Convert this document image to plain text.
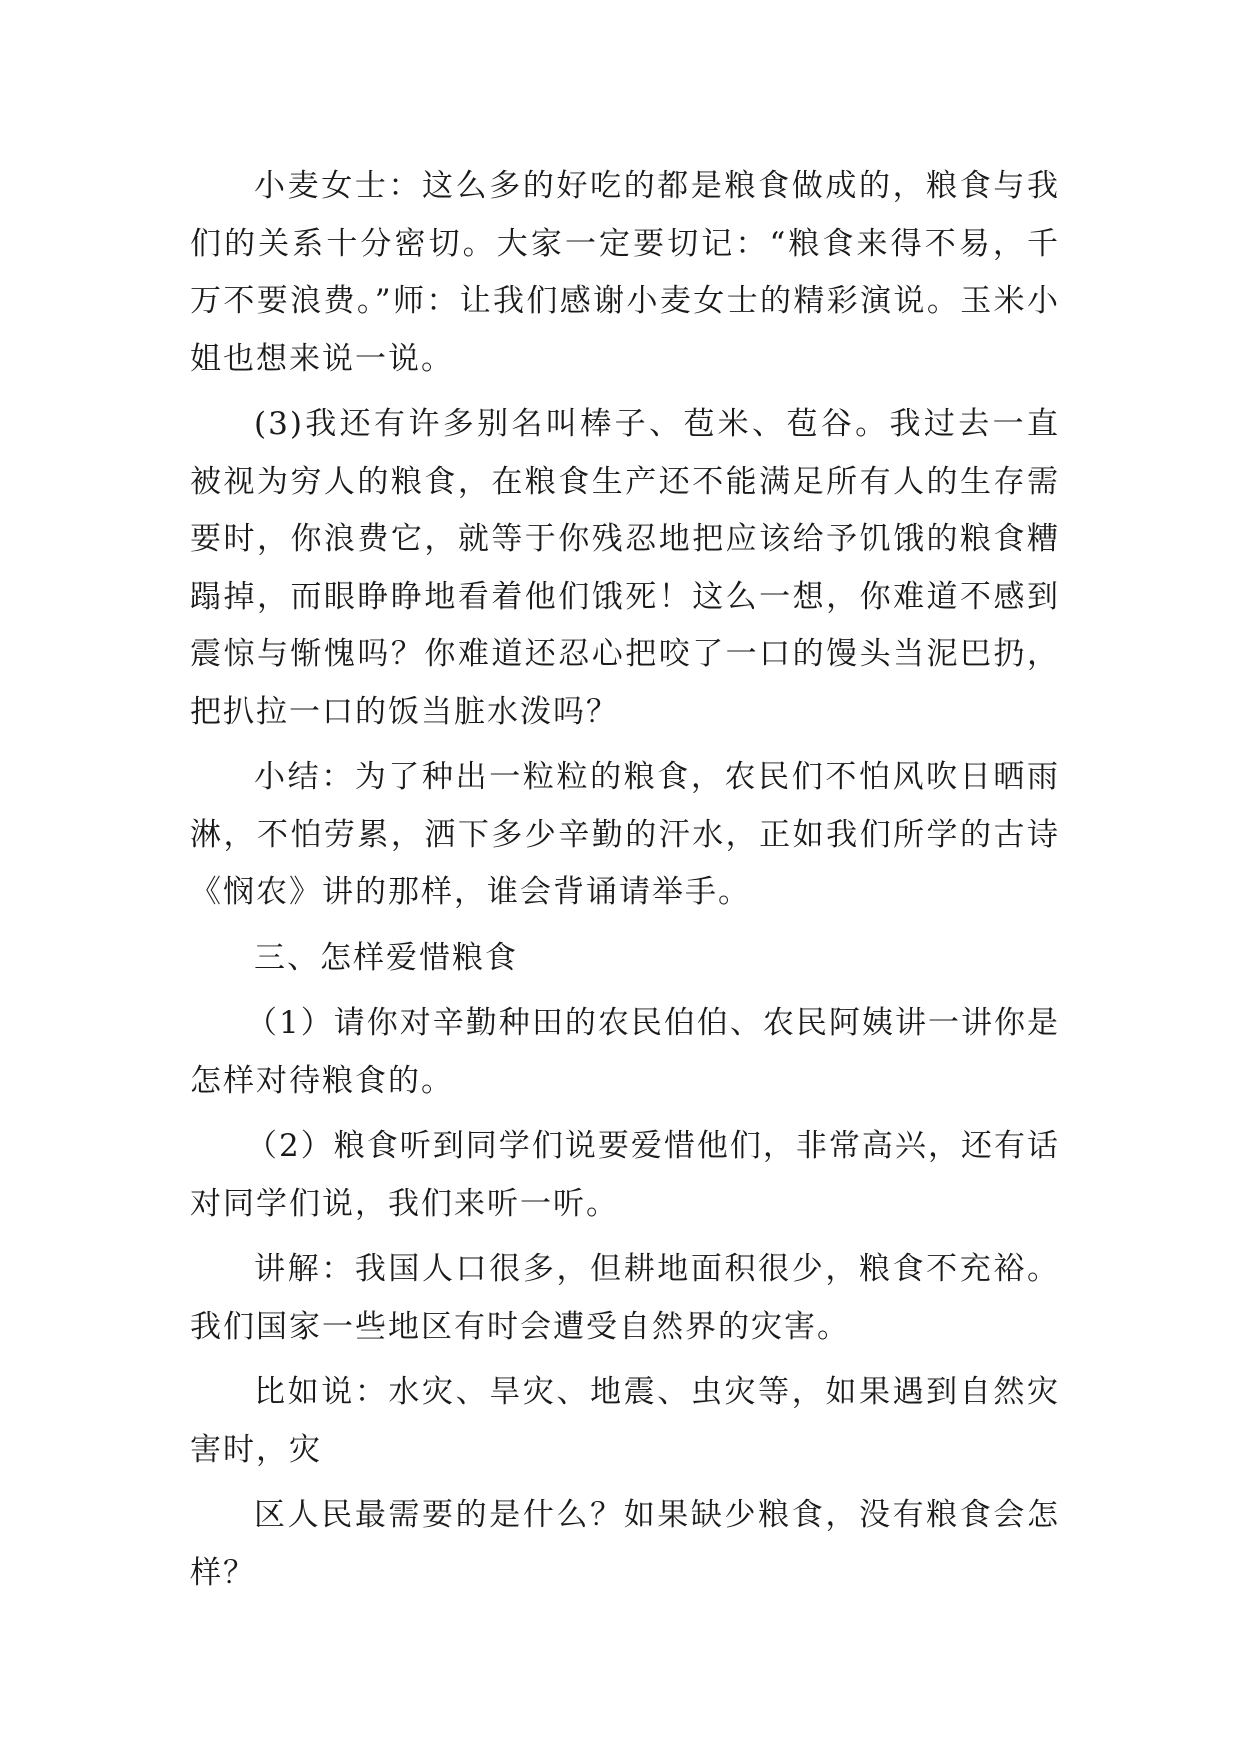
小麦女士：这么多的好吃的都是粮食做成的，粮食与我们的关系十分密切。大家一定要切记：“粮食来得不易，千万不要浪费。”师：让我们感谢小麦女士的精彩演说。玉米小姐也想来说一说。

(3)我还有许多别名叫棒子、苞米、苞谷。我过去一直被视为穷人的粮食，在粮食生产还不能满足所有人的生存需要时，你浪费它，就等于你残忍地把应该给予饥饿的粮食糟蹋掉，而眼睁睁地看着他们饿死！这么一想，你难道不感到震惊与惭愧吗？你难道还忍心把咬了一口的馒头当泥巴扔，把扒拉一口的饭当脏水泼吗？

小结：为了种出一粒粒的粮食，农民们不怕风吹日晒雨淋，不怕劳累，洒下多少辛勤的汗水，正如我们所学的古诗《悯农》讲的那样，谁会背诵请举手。

三、怎样爱惜粮食

（1）请你对辛勤种田的农民伯伯、农民阿姨讲一讲你是怎样对待粮食的。

（2）粮食听到同学们说要爱惜他们，非常高兴，还有话对同学们说，我们来听一听。

讲解：我国人口很多，但耕地面积很少，粮食不充裕。我们国家一些地区有时会遭受自然界的灾害。

比如说：水灾、旱灾、地震、虫灾等，如果遇到自然灾害时，灾

区人民最需要的是什么？如果缺少粮食，没有粮食会怎样？
